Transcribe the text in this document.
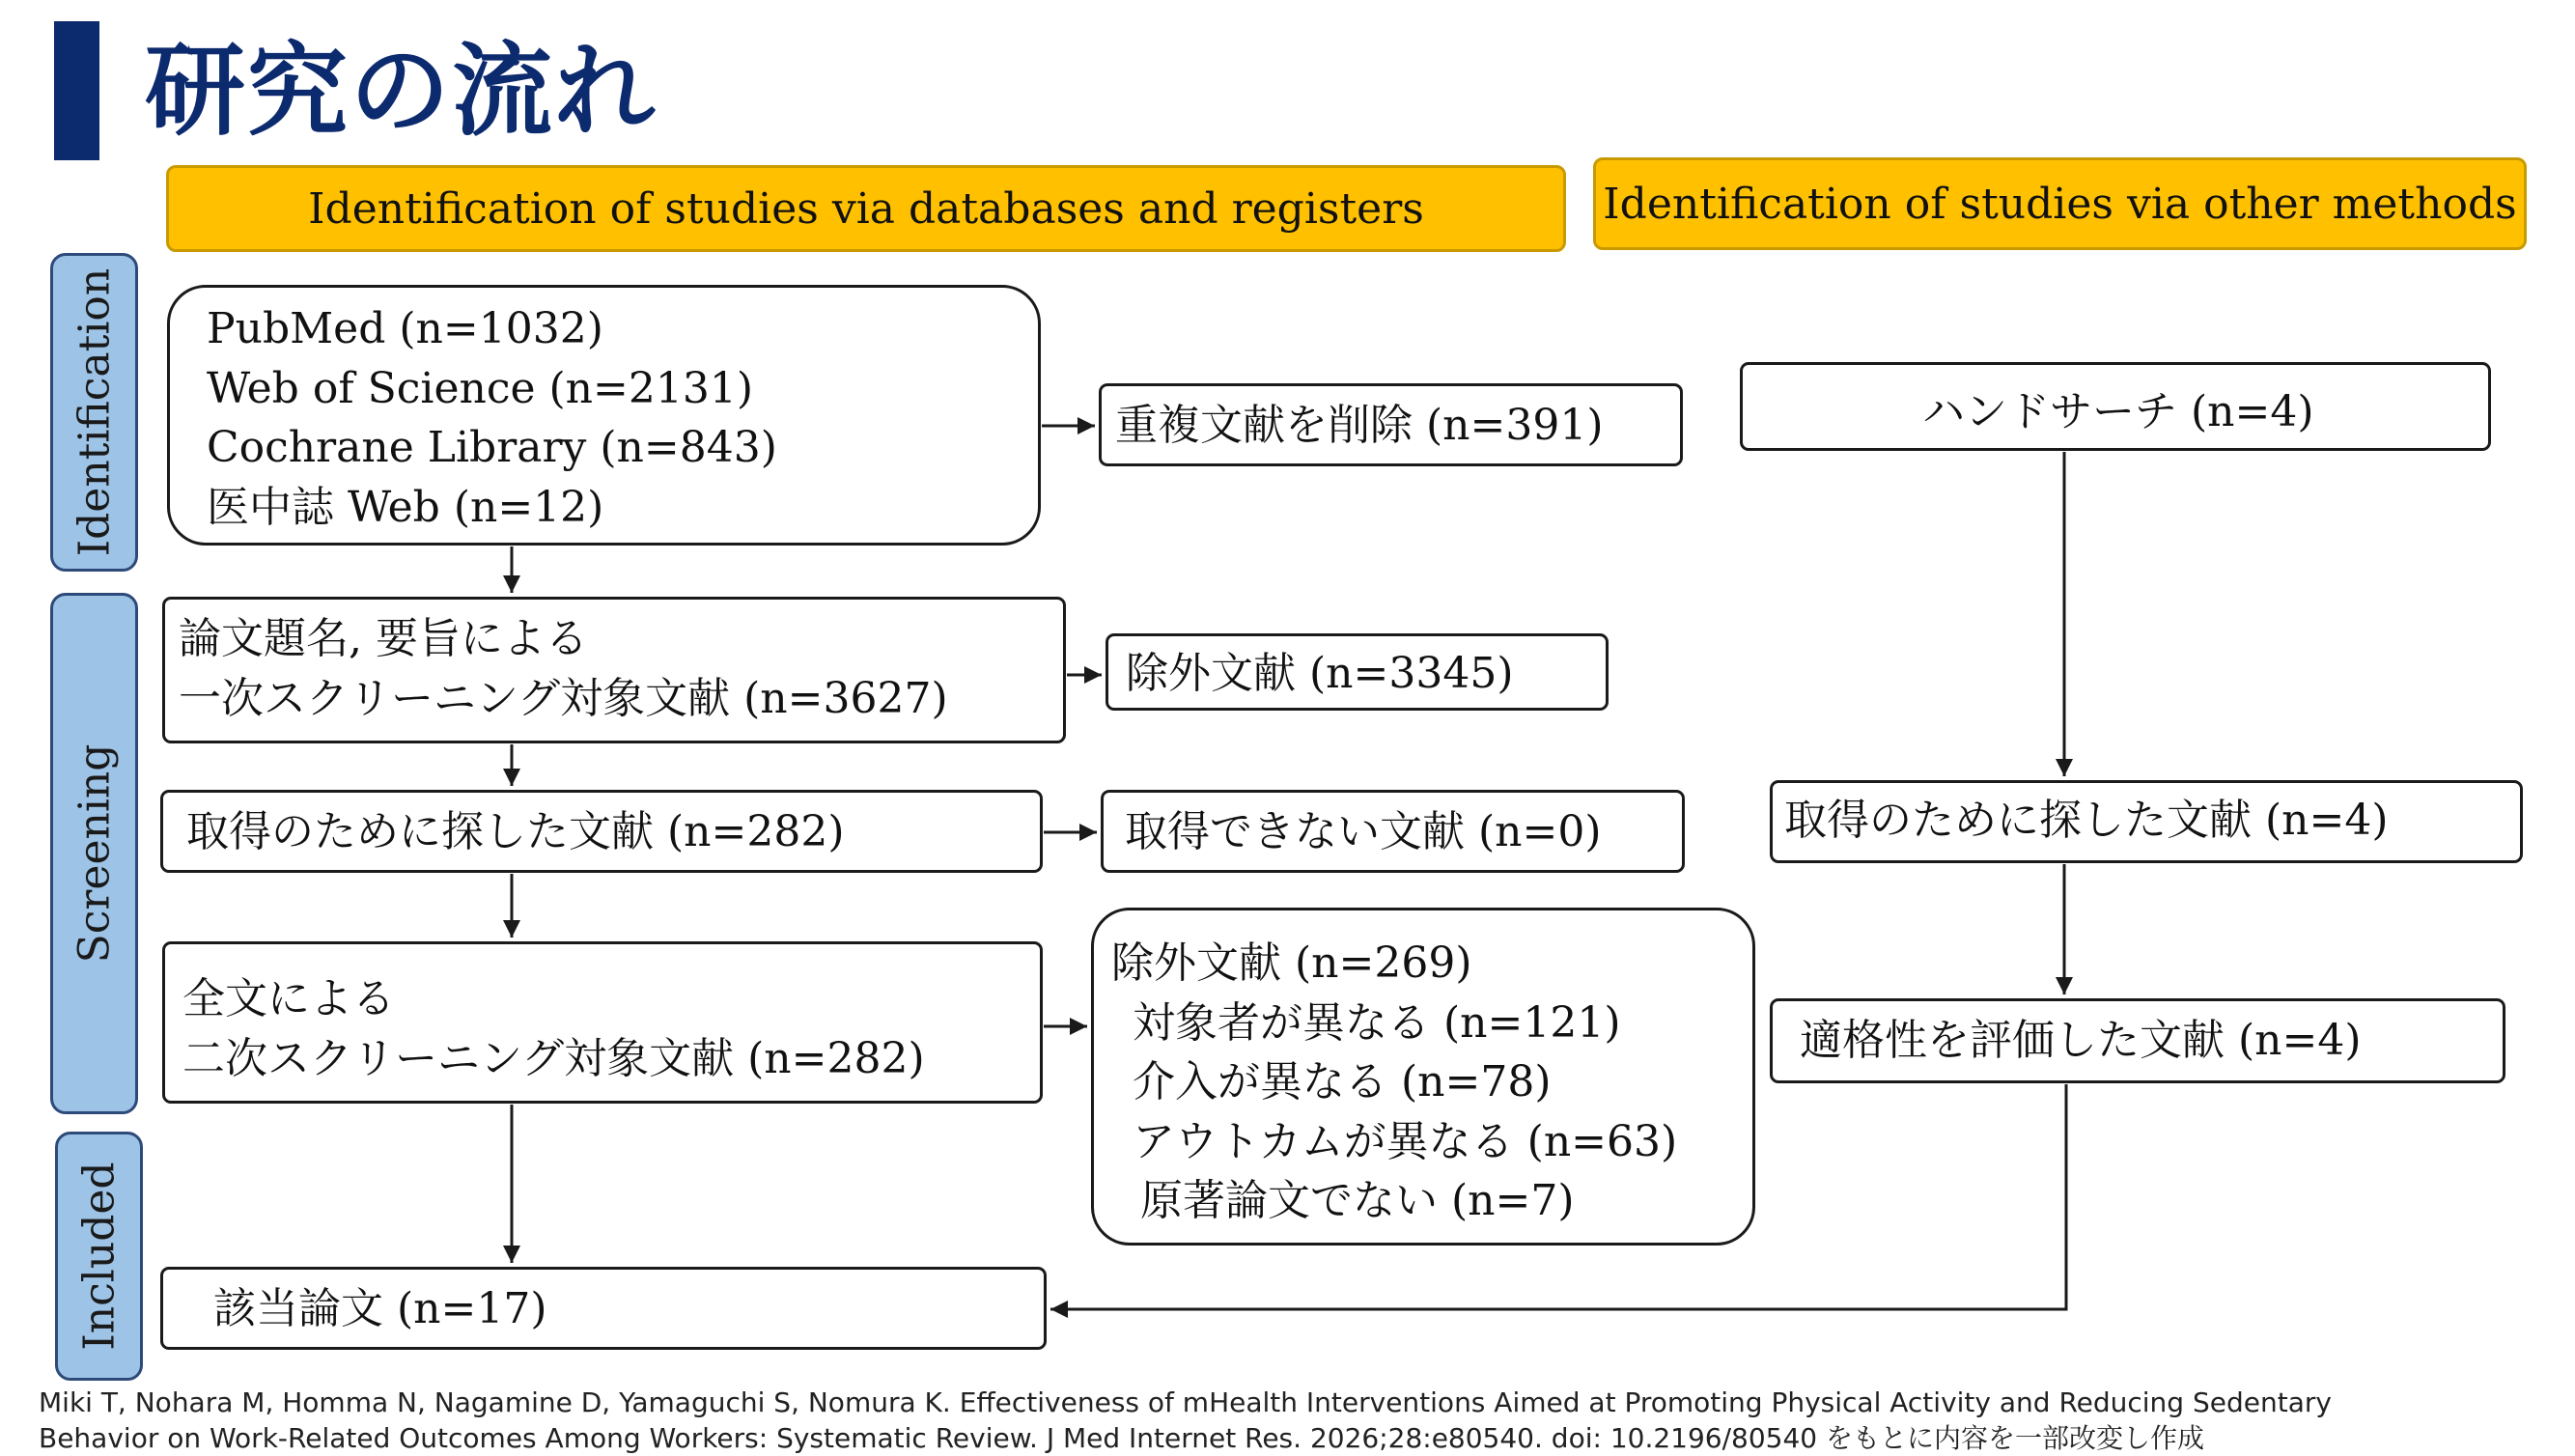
研究の流れ
Identification of studies via databases and registers	Identification of studies via other methods
Identification
Screening
Included
PubMed (n=1032)
Web of Science (n=2131)
Cochrane Library (n=843)
医中誌 Web (n=12)
論文題名, 要旨による
一次スクリーニング対象文献 (n=3627)
取得のために探した文献 (n=282)
全文による
二次スクリーニング対象文献 (n=282)
該当論文 (n=17)
重複文献を削除 (n=391)
除外文献 (n=3345)
取得できない文献 (n=0)
除外文献 (n=269)
対象者が異なる (n=121)
介入が異なる (n=78)
アウトカムが異なる (n=63)
原著論文でない (n=7)
ハンドサーチ (n=4)
取得のために探した文献 (n=4)
適格性を評価した文献 (n=4)
Miki T, Nohara M, Homma N, Nagamine D, Yamaguchi S, Nomura K. Effectiveness of mHealth Interventions Aimed at Promoting Physical Activity and Reducing Sedentary
Behavior on Work-Related Outcomes Among Workers: Systematic Review. J Med Internet Res. 2026;28:e80540. doi: 10.2196/80540 をもとに内容を一部改変し作成
